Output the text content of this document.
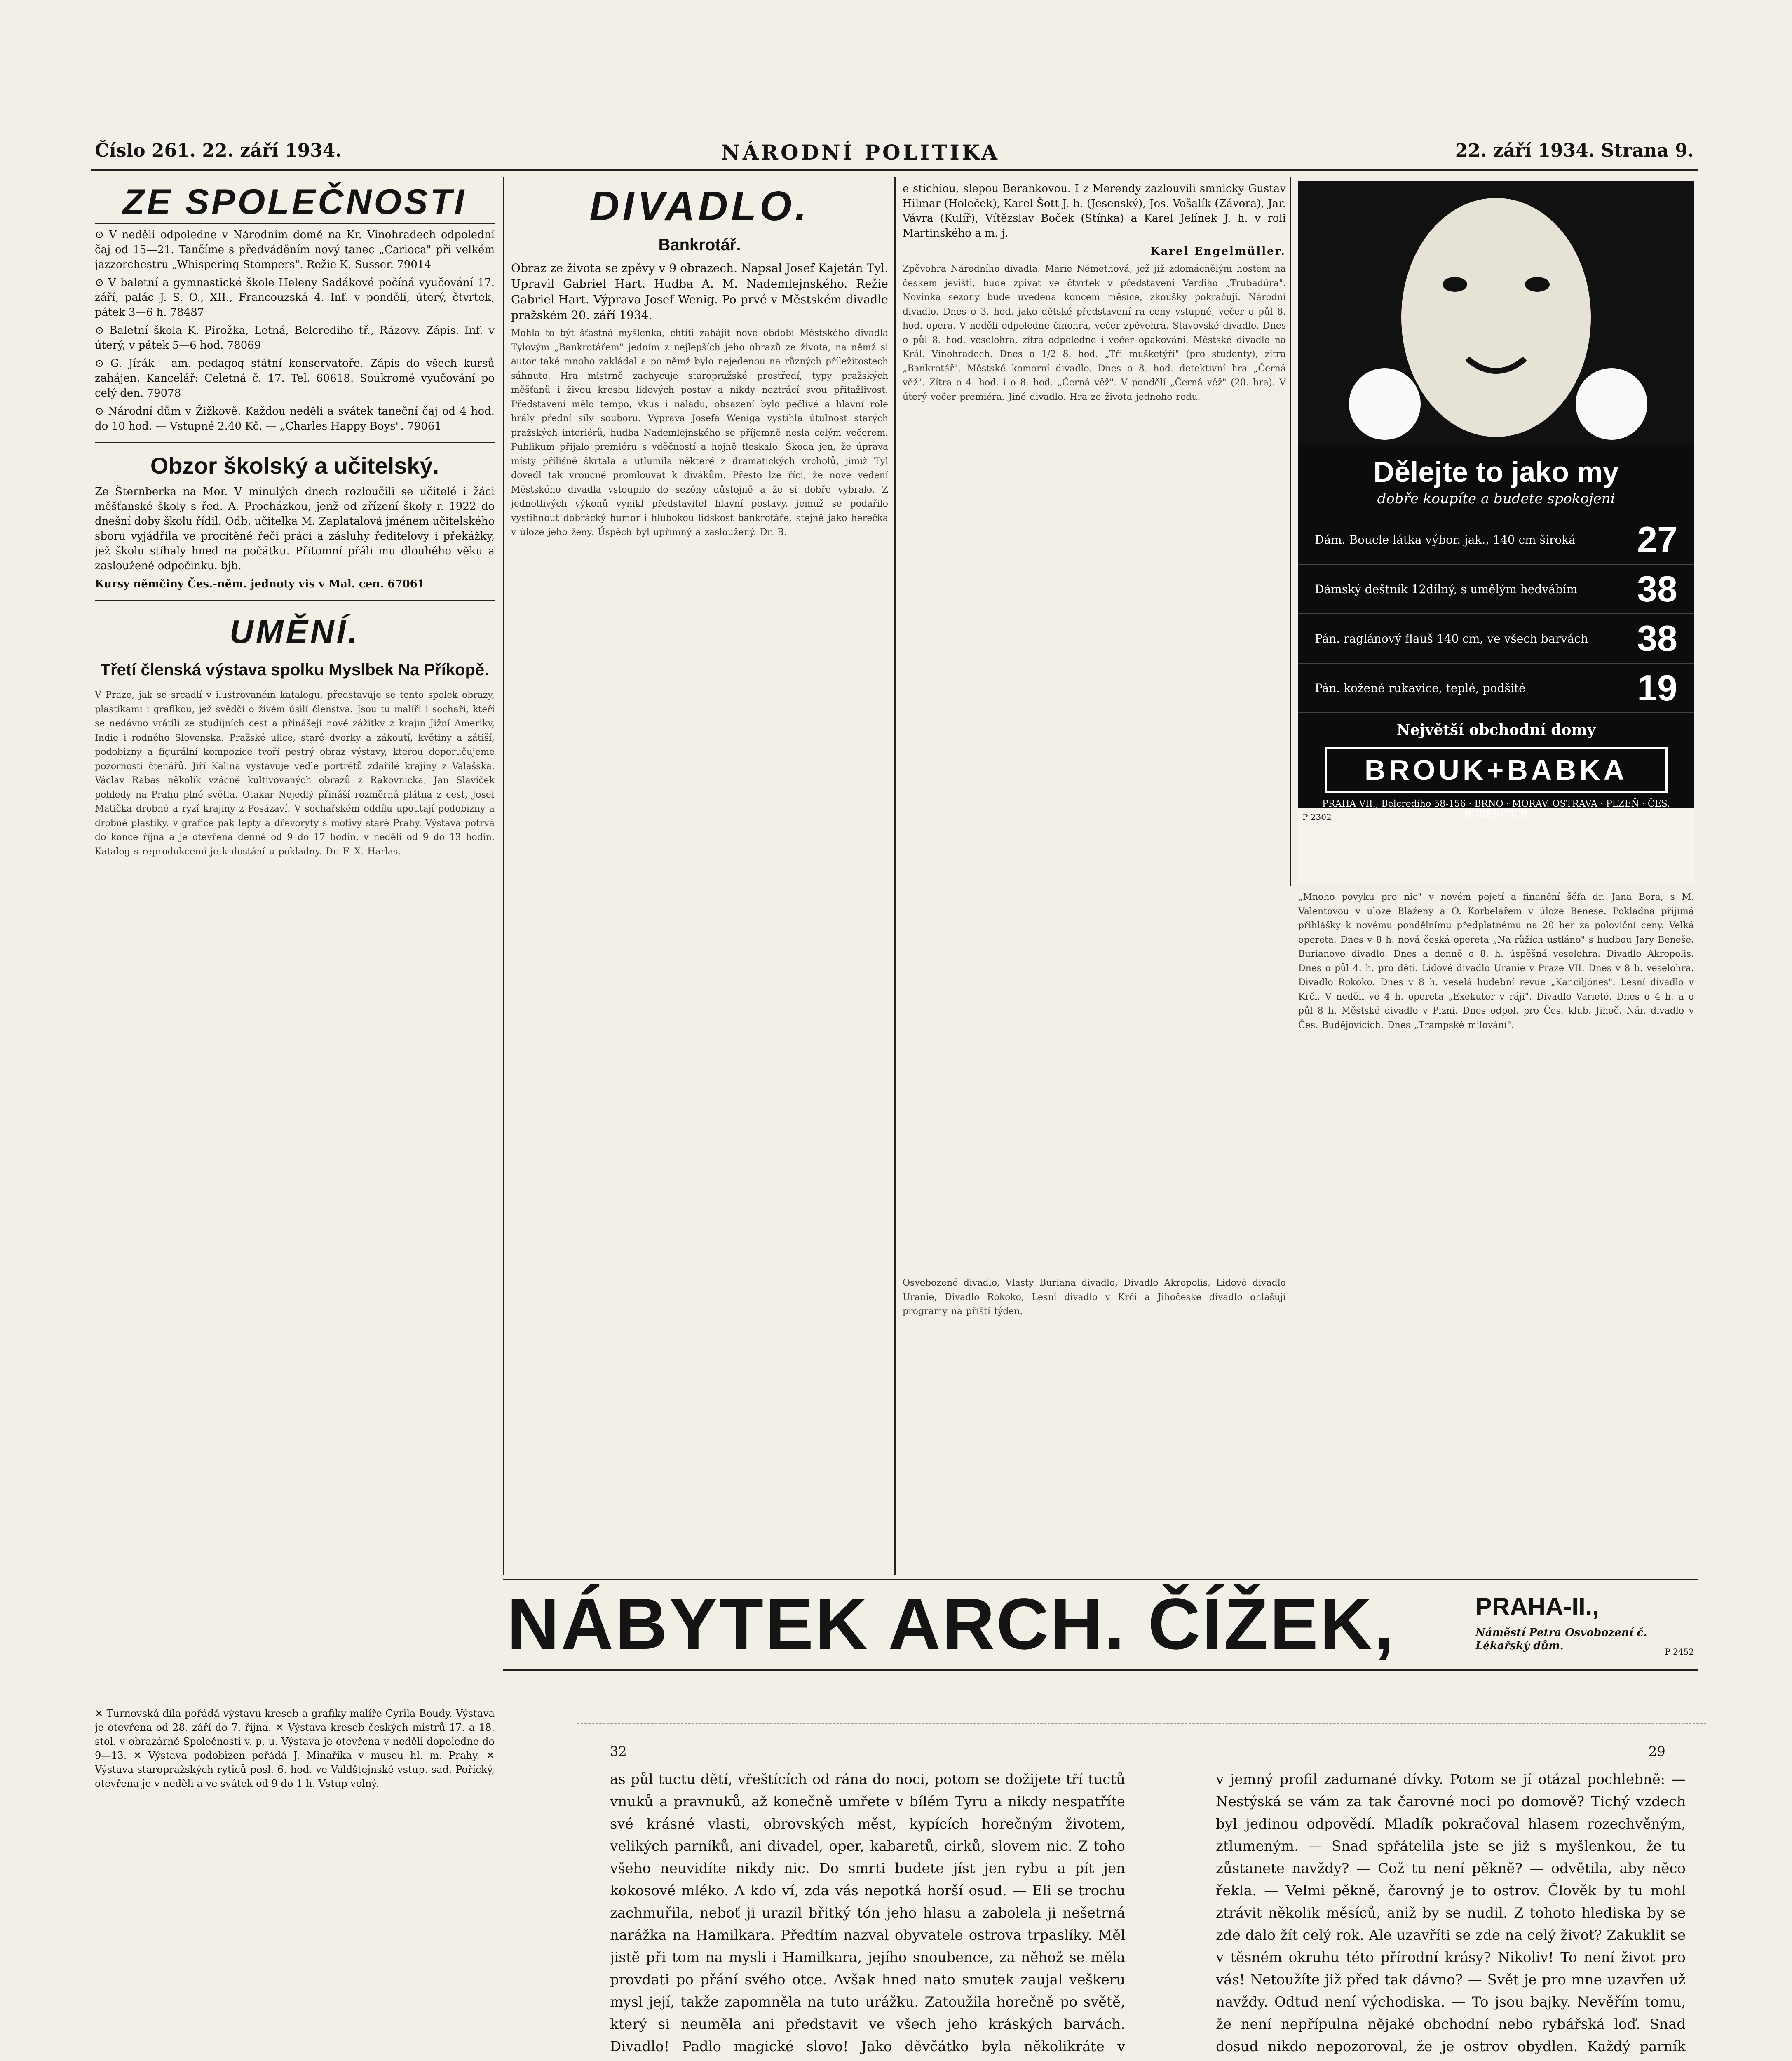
Číslo 261. 22. září 1934.	NÁRODNÍ POLITIKA	22. září 1934. Strana 9.
ZE SPOLEČNOSTI

⊙ V neděli odpoledne v Národním domě na Kr. Vinohradech odpolední čaj od 15—21. Tančíme s předváděním nový tanec „Carioca" při velkém jazzorchestru „Whispering Stompers". Režie K. Susser. 79014

⊙ V baletní a gymnastické škole Heleny Sadákové počíná vyučování 17. září, palác J. S. O., XII., Francouzská 4. Inf. v pondělí, úterý, čtvrtek, pátek 3—6 h. 78487

⊙ Baletní škola K. Pirožka, Letná, Belcrediho tř., Rázovy. Zápis. Inf. v úterý, v pátek 5—6 hod. 78069

⊙ G. Jírák - am. pedagog státní konservatoře. Zápis do všech kursů zahájen. Kancelář: Celetná č. 17. Tel. 60618. Soukromé vyučování po celý den. 79078

⊙ Národní dům v Žižkově. Každou neděli a svátek taneční čaj od 4 hod. do 10 hod. — Vstupné 2.40 Kč. — „Charles Happy Boys". 79061

Obzor školský a učitelský.

Ze Šternberka na Mor. V minulých dnech rozloučili se učitelé i žáci měšťanské školy s řed. A. Procházkou, jenž od zřízení školy r. 1922 do dnešní doby školu řídil. Odb. učitelka M. Zaplatalová jménem učitelského sboru vyjádřila ve procítěné řeči práci a zásluhy ředitelovy i překážky, jež školu stíhaly hned na počátku. Přítomní přáli mu dlouhého věku a zasloužené odpočinku. bjb.

Kursy němčiny Čes.-něm. jednoty vis v Mal. cen. 67061

UMĚNÍ.
Třetí členská výstava spolku Myslbek Na Příkopě.
V Praze, jak se srcadlí v ilustrovaném katalogu, představuje se tento spolek obrazy, plastikami i grafikou, jež svědčí o živém úsilí členstva. Jsou tu malíři i sochaři, kteří se nedávno vrátili ze studijních cest a přinášejí nové zážitky z krajin Jižní Ameriky, Indie i rodného Slovenska. Pražské ulice, staré dvorky a zákoutí, květiny a zátiší, podobizny a figurální kompozice tvoří pestrý obraz výstavy, kterou doporučujeme pozornosti čtenářů. Jiří Kalina vystavuje vedle portrétů zdařilé krajiny z Valašska, Václav Rabas několik vzácně kultivovaných obrazů z Rakovnicka, Jan Slavíček pohledy na Prahu plné světla. Otakar Nejedlý přináší rozměrná plátna z cest, Josef Matička drobné a ryzí krajiny z Posázaví. V sochařském oddílu upoutají podobizny a drobné plastiky, v grafice pak lepty a dřevoryty s motivy staré Prahy. Výstava potrvá do konce října a je otevřena denně od 9 do 17 hodin, v neděli od 9 do 13 hodin. Katalog s reprodukcemi je k dostání u pokladny. Dr. F. X. Harlas.
✕ Turnovská díla pořádá výstavu kreseb a grafiky malíře Cyrila Boudy. Výstava je otevřena od 28. září do 7. října. ✕ Výstava kreseb českých mistrů 17. a 18. stol. v obrazárně Společnosti v. p. u. Výstava je otevřena v neděli dopoledne do 9—13. ✕ Výstava podobizen pořádá J. Minaříka v museu hl. m. Prahy. ✕ Výstava staropražských ryticů posl. 6. hod. ve Valdštejnské vstup. sad. Pořícký, otevřena je v neděli a ve svátek od 9 do 1 h. Vstup volný.
DIVADLO.
Bankrotář.

Obraz ze života se zpěvy v 9 obrazech. Napsal Josef Kajetán Tyl. Upravil Gabriel Hart. Hudba A. M. Nademlejnského. Režie Gabriel Hart. Výprava Josef Wenig. Po prvé v Městském divadle pražském 20. září 1934.

Mohla to být šťastná myšlenka, chtíti zahájit nové období Městského divadla Tylovým „Bankrotářem" jedním z nejlepších jeho obrazů ze života, na němž si autor také mnoho zakládal a po němž bylo nejedenou na různých příležitostech sáhnuto. Hra mistrně zachycuje staropražské prostředí, typy pražských měšťanů i živou kresbu lidových postav a nikdy neztrácí svou přitažlivost. Představení mělo tempo, vkus i náladu, obsazení bylo pečlivé a hlavní role hrály přední síly souboru. Výprava Josefa Weniga vystihla útulnost starých pražských interiérů, hudba Nademlejnského se příjemně nesla celým večerem. Publikum přijalo premiéru s vděčností a hojně tleskalo. Škoda jen, že úprava místy přílišně škrtala a utlumila některé z dramatických vrcholů, jimiž Tyl dovedl tak vroucně promlouvat k divákům. Přesto lze říci, že nové vedení Městského divadla vstoupilo do sezóny důstojně a že si dobře vybralo. Z jednotlivých výkonů vynikl představitel hlavní postavy, jemuž se podařilo vystihnout dobrácký humor i hlubokou lidskost bankrotáře, stejně jako herečka v úloze jeho ženy. Úspěch byl upřímný a zasloužený. Dr. B.

e stichiou, slepou Berankovou. I z Merendy zazlouvili smnicky Gustav Hilmar (Holeček), Karel Šott J. h. (Jesenský), Jos. Vošalík (Závora), Jar. Vávra (Kulíř), Vítězslav Boček (Stínka) a Karel Jelínek J. h. v roli Martinského a m. j.

Karel Engelmüller.

Zpěvohra Národního divadla. Marie Némethová, jež již zdomácnělým hostem na českém jevišti, bude zpívat ve čtvrtek v představení Verdiho „Trubadúra". Novinka sezóny bude uvedena koncem měsíce, zkoušky pokračují. Národní divadlo. Dnes o 3. hod. jako dětské představení ra ceny vstupné, večer o půl 8. hod. opera. V neděli odpoledne činohra, večer zpěvohra. Stavovské divadlo. Dnes o půl 8. hod. veselohra, zítra odpoledne i večer opakování. Městské divadlo na Král. Vinohradech. Dnes o 1/2 8. hod. „Tři mušketýři" (pro studenty), zítra „Bankrotář". Městské komorní divadlo. Dnes o 8. hod. detektivní hra „Černá věž". Zítra o 4. hod. i o 8. hod. „Černá věž". V pondělí „Černá věž" (20. hra). V úterý večer premiéra. Jiné divadlo. Hra ze života jednoho rodu.
Osvobozené divadlo, Vlasty Buriana divadlo, Divadlo Akropolis, Lidové divadlo Uranie, Divadlo Rokoko, Lesní divadlo v Krči a Jihočeské divadlo ohlašují programy na příští týden.
Dělejte to jako my
dobře koupíte a budete spokojeni
Dám. Boucle látka výbor. jak., 140 cm široká	27
Dámský deštník 12dílný, s umělým hedvábím	38
Pán. raglánový flauš 140 cm, ve všech barvách 38
Pán. kožené rukavice, teplé, podšité	19
Největší obchodní domy
BROUK+BABKA
PRAHA VII., Belcrediho 58-156 · BRNO · MORAV. OSTRAVA · PLZEŇ · ČES. BUDĚJOVICE
P 2302
„Mnoho povyku pro nic" v novém pojetí a finanční šéfa dr. Jana Bora, s M. Valentovou v úloze Blaženy a O. Korbelářem v úloze Benese. Pokladna přijímá přihlášky k novému pondělnímu předplatnému na 20 her za poloviční ceny. Velká opereta. Dnes v 8 h. nová česká opereta „Na růžích ustláno" s hudbou Jary Beneše. Burianovo divadlo. Dnes a denně o 8. h. úspěšná veselohra. Divadlo Akropolis. Dnes o půl 4. h. pro děti. Lidové divadlo Uranie v Praze VII. Dnes v 8 h. veselohra. Divadlo Rokoko. Dnes v 8 h. veselá hudební revue „Kanciljónes". Lesní divadlo v Krči. V neděli ve 4 h. opereta „Exekutor v ráji". Divadlo Varieté. Dnes o 4 h. a o půl 8 h. Městské divadlo v Plzni. Dnes odpol. pro Čes. klub. Jihoč. Nár. divadlo v Čes. Budějovicích. Dnes „Trampské milování".
NÁBYTEK ARCH. ČÍŽEK,	PRAHA-II.,
Náměstí Petra Osvobození č. Lékařský dům.	P 2452
32	29
as půl tuctu dětí, vřeštících od rána do noci, potom se dožijete tří tuctů vnuků a pravnuků, až konečně umřete v bílém Tyru a nikdy nespatříte své krásné vlasti, obrovských měst, kypících horečným životem, velikých parníků, ani divadel, oper, kabaretů, cirků, slovem nic. Z toho všeho neuvidíte nikdy nic. Do smrti budete jíst jen rybu a pít jen kokosové mléko. A kdo ví, zda vás nepotká horší osud. — Eli se trochu zachmuřila, neboť ji urazil břitký tón jeho hlasu a zabolela ji nešetrná narážka na Hamilkara. Předtím nazval obyvatele ostrova trpaslíky. Měl jistě při tom na mysli i Hamilkara, jejího snoubence, za něhož se měla provdati po přání svého otce. Avšak hned nato smutek zaujal veškeru mysl její, takže zapomněla na tuto urážku. Zatoužila horečně po světě, který si neuměla ani představit ve všech jeho kráských barvách. Divadlo! Padlo magické slovo! Jako děvčátko byla několikráte v
v jemný profil zadumané dívky. Potom se jí otázal pochlebně: — Nestýská se vám za tak čarovné noci po domově? Tichý vzdech byl jedinou odpovědí. Mladík pokračoval hlasem rozechvěným, ztlumeným. — Snad spřátelila jste se již s myšlenkou, že tu zůstanete navždy? — Což tu není pěkně? — odvětila, aby něco řekla. — Velmi pěkně, čarovný je to ostrov. Člověk by tu mohl ztrávit několik měsíců, aniž by se nudil. Z tohoto hlediska by se zde dalo žít celý rok. Ale uzavříti se zde na celý život? Zakuklit se v těsném okruhu této přírodní krásy? Nikoliv! To není život pro vás! Netoužíte již před tak dávno? — Svět je pro mne uzavřen už navždy. Odtud není východiska. — To jsou bajky. Nevěřím tomu, že není nepřípulna nějaké obchodní nebo rybářská loď. Snad dosud nikdo nepozoroval, že je ostrov obydlen. Každý parník
